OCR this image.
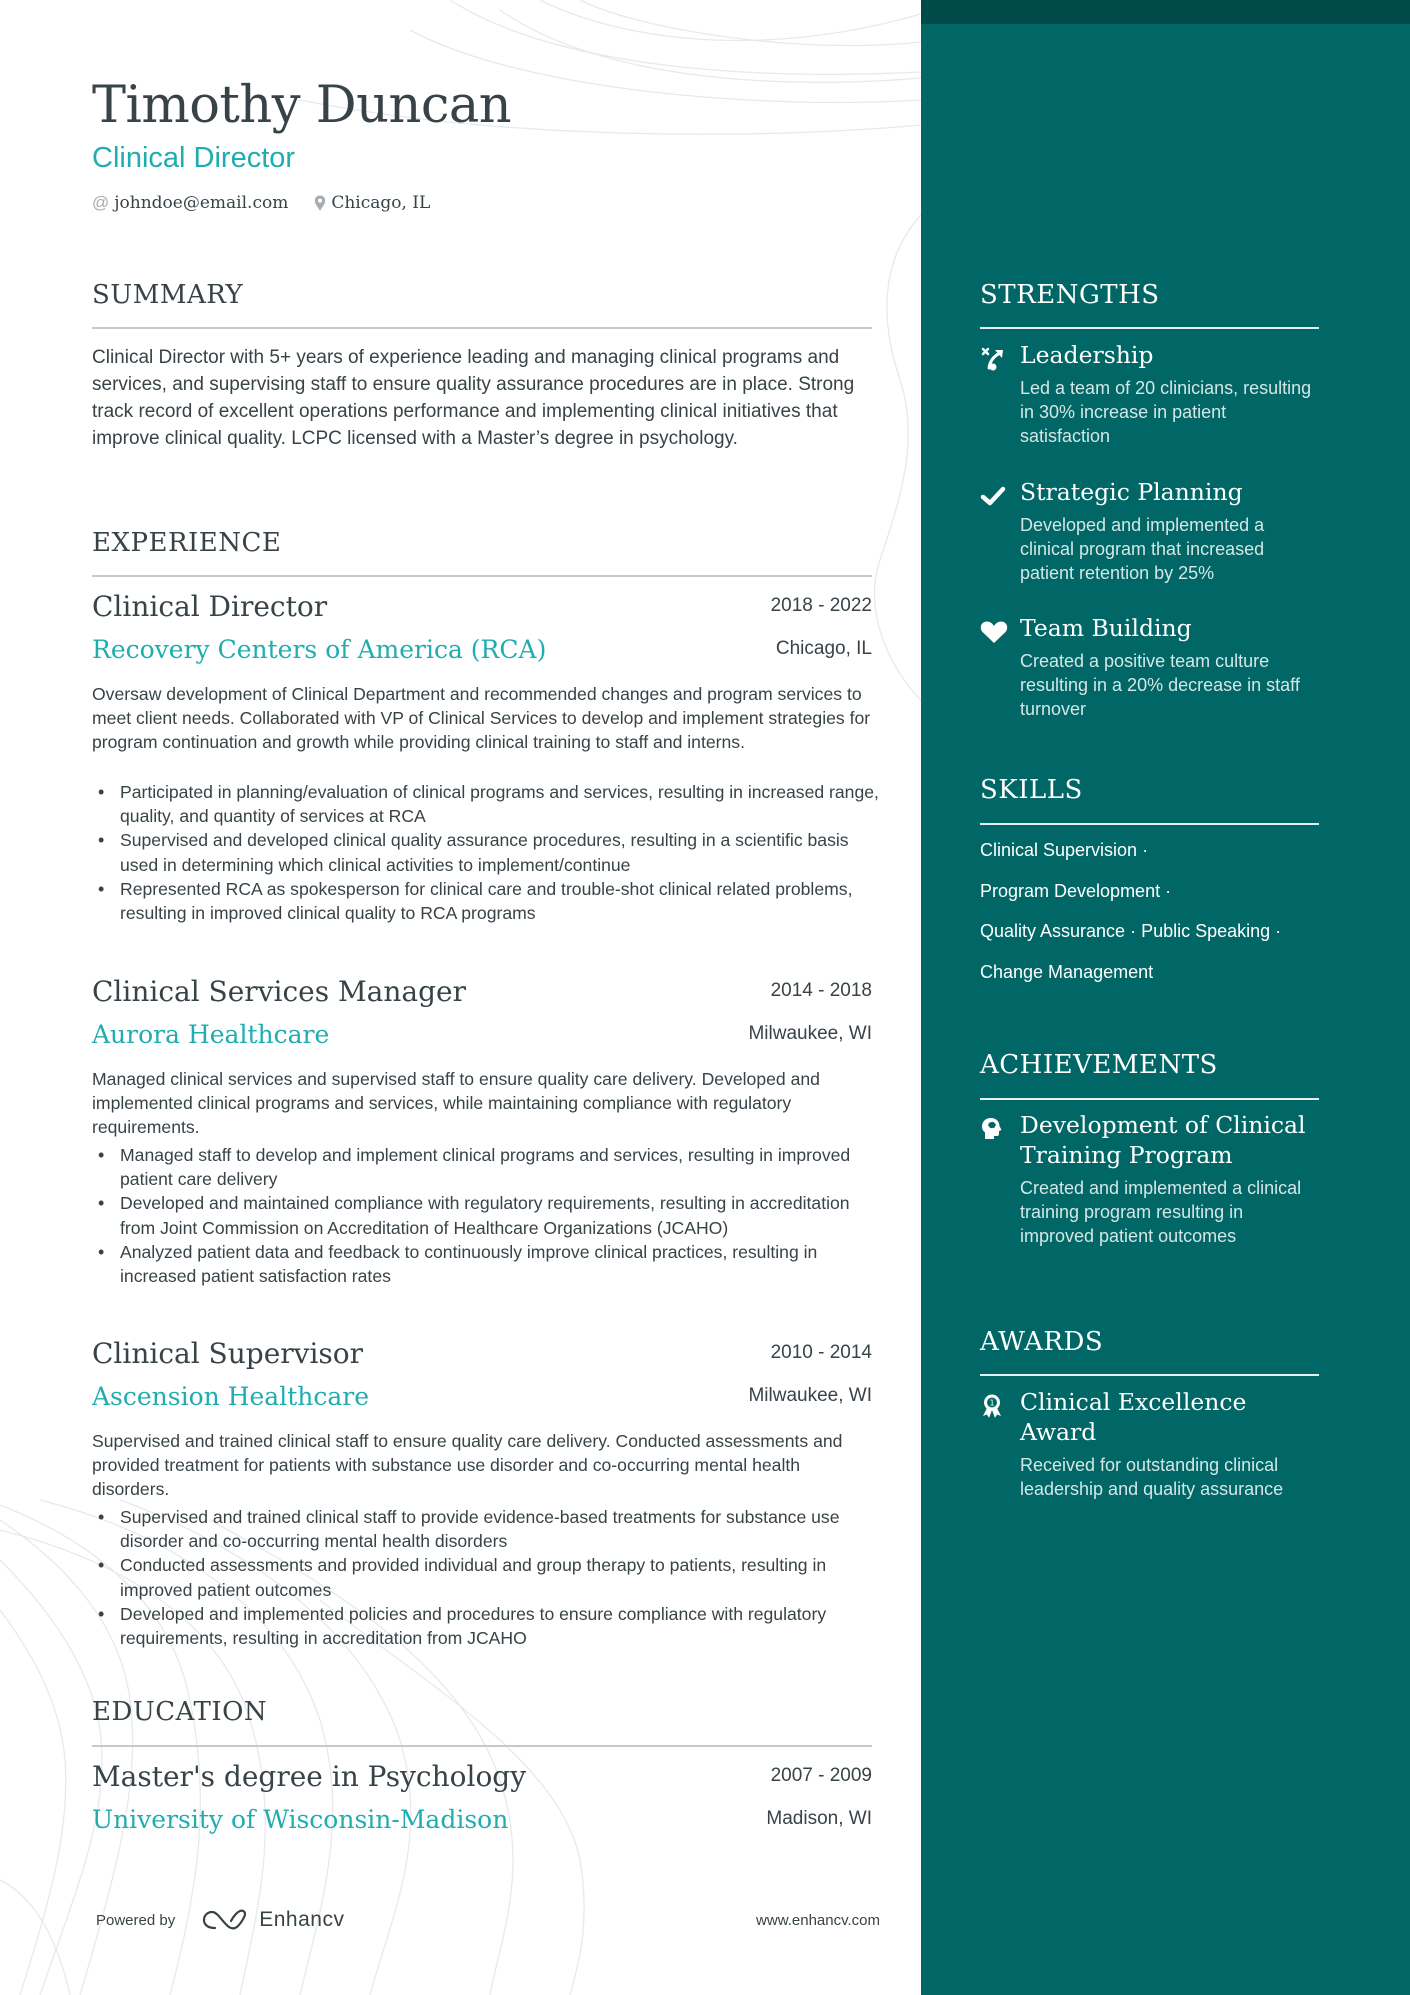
Timothy Duncan
Clinical Director
@ johndoe@email.com	Chicago, IL
SUMMARY
Clinical Director with 5+ years of experience leading and managing clinical programs and services, and supervising staff to ensure quality assurance procedures are in place. Strong track record of excellent operations performance and implementing clinical initiatives that improve clinical quality. LCPC licensed with a Master’s degree in psychology.
EXPERIENCE
Clinical Director	2018 - 2022
Recovery Centers of America (RCA)	Chicago, IL
Oversaw development of Clinical Department and recommended changes and program services to meet client needs. Collaborated with VP of Clinical Services to develop and implement strategies for program continuation and growth while providing clinical training to staff and interns.
• Participated in planning/evaluation of clinical programs and services, resulting in increased range, quality, and quantity of services at RCA
• Supervised and developed clinical quality assurance procedures, resulting in a scientific basis used in determining which clinical activities to implement/continue
• Represented RCA as spokesperson for clinical care and trouble-shot clinical related problems, resulting in improved clinical quality to RCA programs
Clinical Services Manager	2014 - 2018
Aurora Healthcare	Milwaukee, WI
Managed clinical services and supervised staff to ensure quality care delivery. Developed and implemented clinical programs and services, while maintaining compliance with regulatory requirements.
• Managed staff to develop and implement clinical programs and services, resulting in improved patient care delivery
• Developed and maintained compliance with regulatory requirements, resulting in accreditation from Joint Commission on Accreditation of Healthcare Organizations (JCAHO)
• Analyzed patient data and feedback to continuously improve clinical practices, resulting in increased patient satisfaction rates
Clinical Supervisor	2010 - 2014
Ascension Healthcare	Milwaukee, WI
Supervised and trained clinical staff to ensure quality care delivery. Conducted assessments and provided treatment for patients with substance use disorder and co-occurring mental health disorders.
• Supervised and trained clinical staff to provide evidence-based treatments for substance use disorder and co-occurring mental health disorders
• Conducted assessments and provided individual and group therapy to patients, resulting in improved patient outcomes
• Developed and implemented policies and procedures to ensure compliance with regulatory requirements, resulting in accreditation from JCAHO
EDUCATION
Master's degree in Psychology	2007 - 2009
University of Wisconsin-Madison	Madison, WI
Powered by	Enhancv	www.enhancv.com
STRENGTHS
Leadership
Led a team of 20 clinicians, resulting in 30% increase in patient satisfaction
Strategic Planning
Developed and implemented a clinical program that increased patient retention by 25%
Team Building
Created a positive team culture resulting in a 20% decrease in staff turnover
SKILLS
Clinical Supervision ·
Program Development ·
Quality Assurance · Public Speaking ·
Change Management
ACHIEVEMENTS
Development of Clinical Training Program
Created and implemented a clinical training program resulting in improved patient outcomes
AWARDS
1 Clinical Excellence Award
Received for outstanding clinical leadership and quality assurance
